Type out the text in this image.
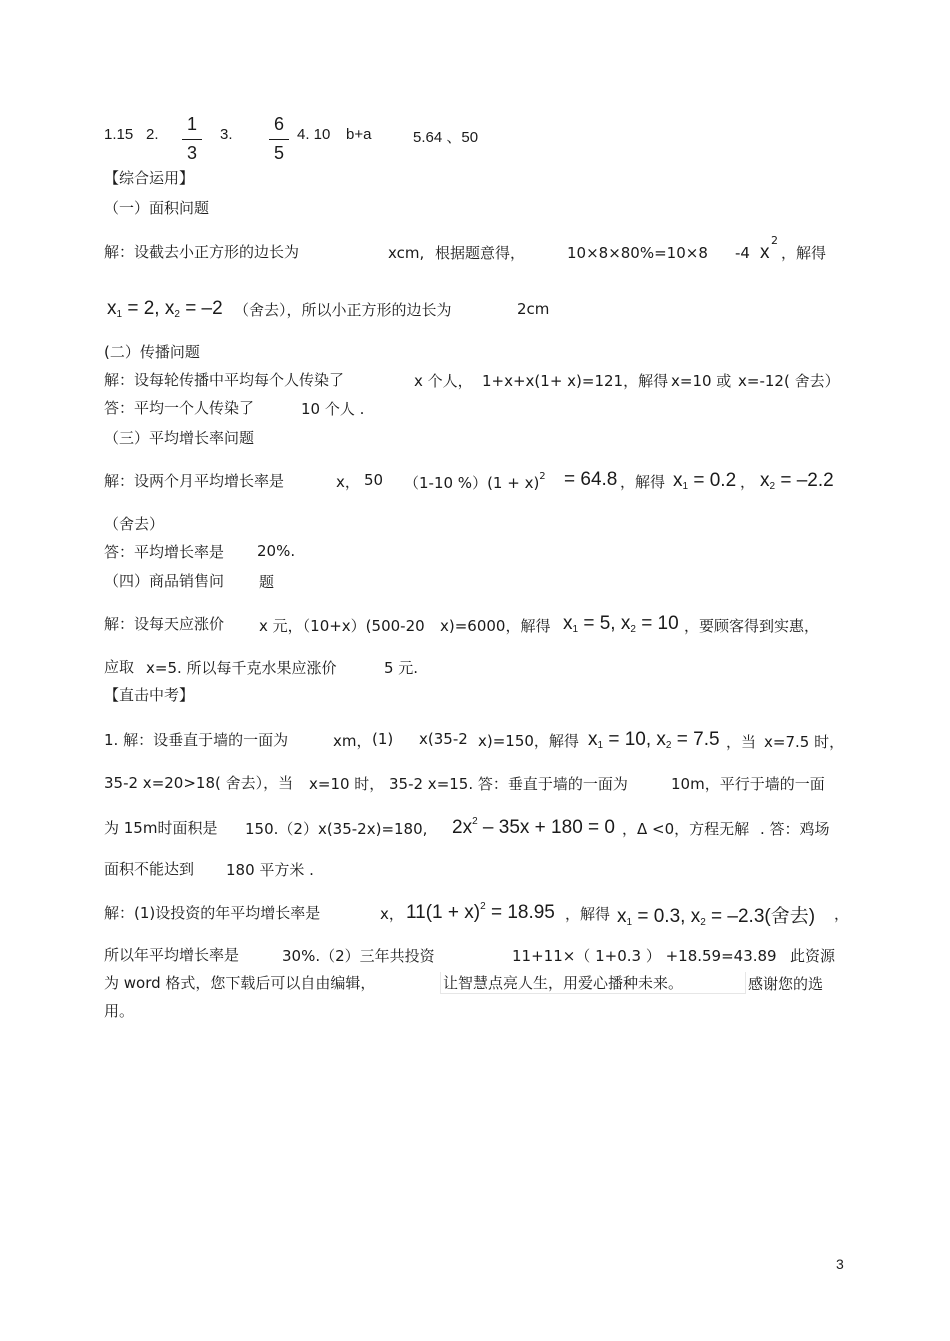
1.15 2.
1
3
3.
6
5
4. 10 b+a	5.64 、50
【综合运用】
（一）面积问题
解：设截去小正方形的边长为	xcm, 根据题意得，	10×8×80%=10×8 -4 x
2
，解得
$x_1 = 2$, $x_2 = -2$ （舍去），所以小正方形的边长为	2cm
(二）传播问题
解：设每轮传播中平均每个人传染了	x 个人， 1+x+x(1+ x)=121，解得 x=10 或 x=-12( 舍去）
答：平均一个人传染了	10 个人 .
（三）平均增长率问题
解：设两个月平均增长率是	x， 50 （1-10 $\%)(1 + x)^2 = 64.8$ ，解得 $x_1 = 0.2$ ， $x_2 = -2.2$
（舍去）
答：平均增长率是 20%.
（四）商品销售问 题
解：设每天应涨价 x 元，（10+x）(500-20 x)=6000，解得 $x_1 = 5$, $x_2 = 10$ ，要顾客得到实惠，
应取 x=5. 所以每千克水果应涨价	5 元.
【直击中考】
1. 解：设垂直于墙的一面为	xm， (1) x(35-2 x)=150，解得 $x_1 = 10$, $x_2 = 7.5$ ，当 x=7.5 时，
35-2 x=20>18( 舍去），当 x=10 时， 35-2 x=15. 答：垂直于墙的一面为	10m，平行于墙的一面
为 15m时面积是 150.（2）x(35-2x)=180, $2x^2 - 35x + 180 = 0$ ，Δ <0，方程无解 . 答：鸡场
面积不能达到 180 平方米 .
解：(1)设投资的年平均增长率是	x， $11(1 + x)^2 = 18.95$ ，解得 $x_1 = 0.3$, $x_2 = -2.3$(舍去) ，
所以年平均增长率是	30%.（2）三年共投资	11+11×（ 1+0.3 ） +18.59=43.89 此资源
为 word 格式，您下载后可以自由编辑，	让智慧点亮人生，用爱心播种未来。	感谢您的选
用。
3
